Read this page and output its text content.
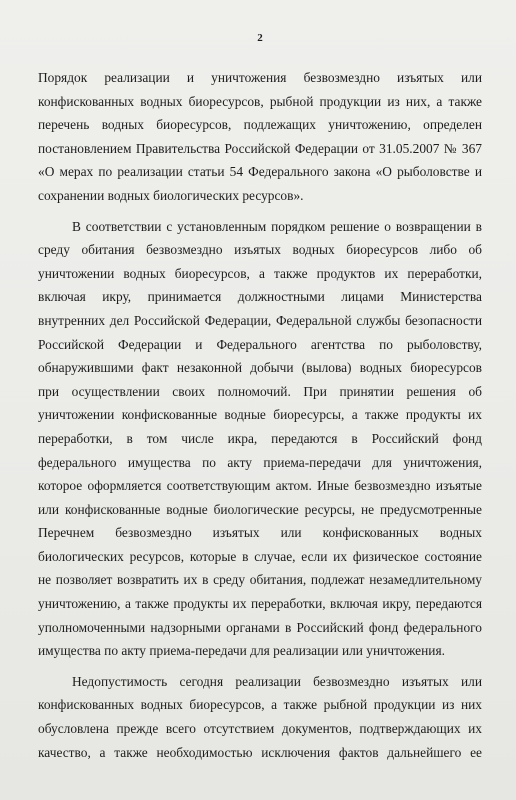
2
Порядок реализации и уничтожения безвозмездно изъятых или
конфискованных водных биоресурсов, рыбной продукции из них, а также
перечень водных биоресурсов, подлежащих уничтожению, определен
постановлением Правительства Российской Федерации от 31.05.2007 № 367
«О мерах по реализации статьи 54 Федерального закона «О рыболовстве и
сохранении водных биологических ресурсов».
В соответствии с установленным порядком решение о возвращении в
среду обитания безвозмездно изъятых водных биоресурсов либо об
уничтожении водных биоресурсов, а также продуктов их переработки,
включая икру, принимается должностными лицами Министерства
внутренних дел Российской Федерации, Федеральной службы безопасности
Российской Федерации и Федерального агентства по рыболовству,
обнаружившими факт незаконной добычи (вылова) водных биоресурсов
при осуществлении своих полномочий. При принятии решения об
уничтожении конфискованные водные биоресурсы, а также продукты их
переработки, в том числе икра, передаются в Российский фонд
федерального имущества по акту приема-передачи для уничтожения,
которое оформляется соответствующим актом. Иные безвозмездно изъятые
или конфискованные водные биологические ресурсы, не предусмотренные
Перечнем безвозмездно изъятых или конфискованных водных
биологических ресурсов, которые в случае, если их физическое состояние
не позволяет возвратить их в среду обитания, подлежат незамедлительному
уничтожению, а также продукты их переработки, включая икру, передаются
уполномоченными надзорными органами в Российский фонд федерального
имущества по акту приема-передачи для реализации или уничтожения.
Недопустимость сегодня реализации безвозмездно изъятых или
конфискованных водных биоресурсов, а также рыбной продукции из них
обусловлена прежде всего отсутствием документов, подтверждающих их
качество, а также необходимостью исключения фактов дальнейшего ее
